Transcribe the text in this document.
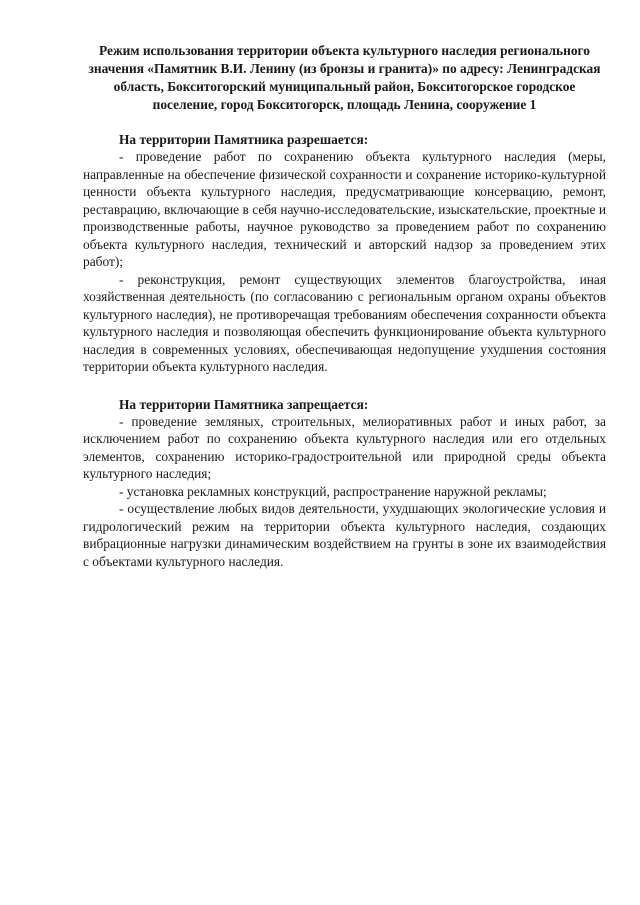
Режим использования территории объекта культурного наследия регионального значения «Памятник В.И. Ленину (из бронзы и гранита)» по адресу: Ленинградская область, Бокситогорский муниципальный район, Бокситогорское городское поселение, город Бокситогорск, площадь Ленина, сооружение 1

На территории Памятника разрешается:

- проведение работ по сохранению объекта культурного наследия (меры, направленные на обеспечение физической сохранности и сохранение историко-культурной ценности объекта культурного наследия, предусматривающие консервацию, ремонт, реставрацию, включающие в себя научно-исследовательские, изыскательские, проектные и производственные работы, научное руководство за проведением работ по сохранению объекта культурного наследия, технический и авторский надзор за проведением этих работ);

- реконструкция, ремонт существующих элементов благоустройства, иная хозяйственная деятельность (по согласованию с региональным органом охраны объектов культурного наследия), не противоречащая требованиям обеспечения сохранности объекта культурного наследия и позволяющая обеспечить функционирование объекта культурного наследия в современных условиях, обеспечивающая недопущение ухудшения состояния территории объекта культурного наследия.

На территории Памятника запрещается:

- проведение земляных, строительных, мелиоративных работ и иных работ, за исключением работ по сохранению объекта культурного наследия или его отдельных элементов, сохранению историко-градостроительной или природной среды объекта культурного наследия;

- установка рекламных конструкций, распространение наружной рекламы;

- осуществление любых видов деятельности, ухудшающих экологические условия и гидрологический режим на территории объекта культурного наследия, создающих вибрационные нагрузки динамическим воздействием на грунты в зоне их взаимодействия с объектами культурного наследия.
